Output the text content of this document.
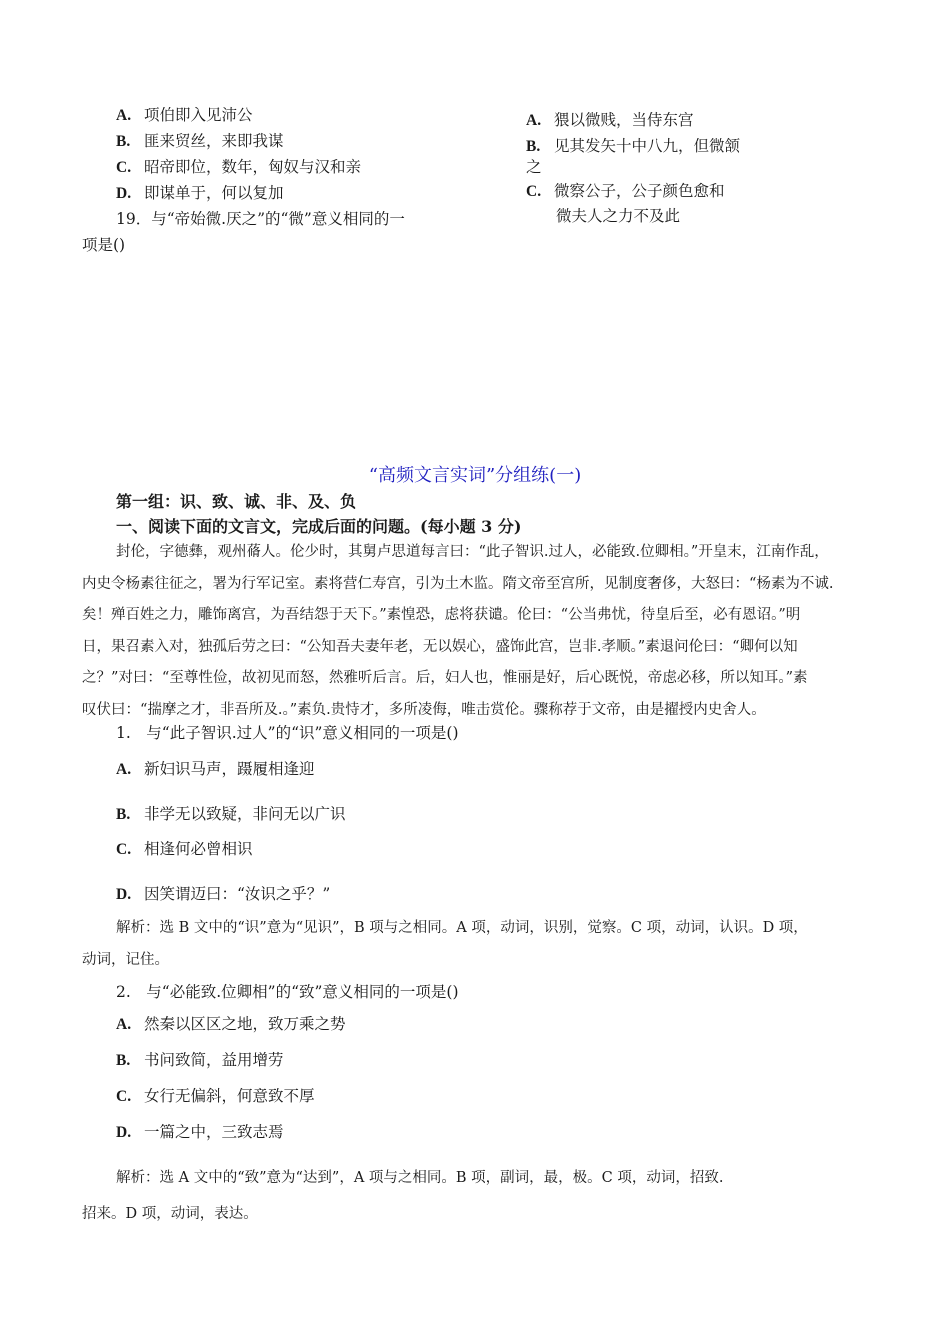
A. 项伯即入见沛公
B. 匪来贸丝，来即我谋
C. 昭帝即位，数年，匈奴与汉和亲
D. 即谋单于，何以复加
19．与“帝始微.厌之”的“微”意义相同的一
项是()
A. 猥以微贱，当侍东宫
B. 见其发矢十中八九，但微颔
之
C. 微察公子，公子颜色愈和
微夫人之力不及此
“高频文言实词”分组练(一)
第一组：识、致、诚、非、及、负
一、阅读下面的文言文，完成后面的问题。(每小题 3 分)

封伦，字德彝，观州蓨人。伦少时，其舅卢思道每言曰：“此子智识.过人，必能致.位卿相。”开皇末，江南作乱，

内史令杨素往征之，署为行军记室。素将营仁寿宫，引为土木监。隋文帝至宫所，见制度奢侈，大怒曰：“杨素为不诚.

矣！殚百姓之力，雕饰离宫，为吾结怨于天下。”素惶恐，虑将获谴。伦曰：“公当弗忧，待皇后至，必有恩诏。”明

日，果召素入对，独孤后劳之曰：“公知吾夫妻年老，无以娱心，盛饰此宫，岂非.孝顺。”素退问伦曰：“卿何以知

之？”对曰：“至尊性俭，故初见而怒，然雅听后言。后，妇人也，惟丽是好，后心既悦，帝虑必移，所以知耳。”素

叹伏曰：“揣摩之才，非吾所及.。”素负.贵恃才，多所凌侮，唯击赏伦。骤称荐于文帝，由是擢授内史舍人。

1.　与“此子智识.过人”的“识”意义相同的一项是()
A. 新妇识马声，蹑履相逢迎
B. 非学无以致疑，非问无以广识
C. 相逢何必曾相识
D. 因笑谓迈曰：“汝识之乎？”
解析：选 B 文中的“识”意为“见识”，B 项与之相同。A 项，动词，识别，觉察。C 项，动词，认识。D 项，
动词，记住。
2.　与“必能致.位卿相”的“致”意义相同的一项是()
A. 然秦以区区之地，致万乘之势
B. 书问致简，益用增劳
C. 女行无偏斜，何意致不厚
D. 一篇之中，三致志焉
解析：选 A 文中的“致”意为“达到”，A 项与之相同。B 项，副词，最，极。C 项，动词，招致.
招来。D 项，动词，表达。
